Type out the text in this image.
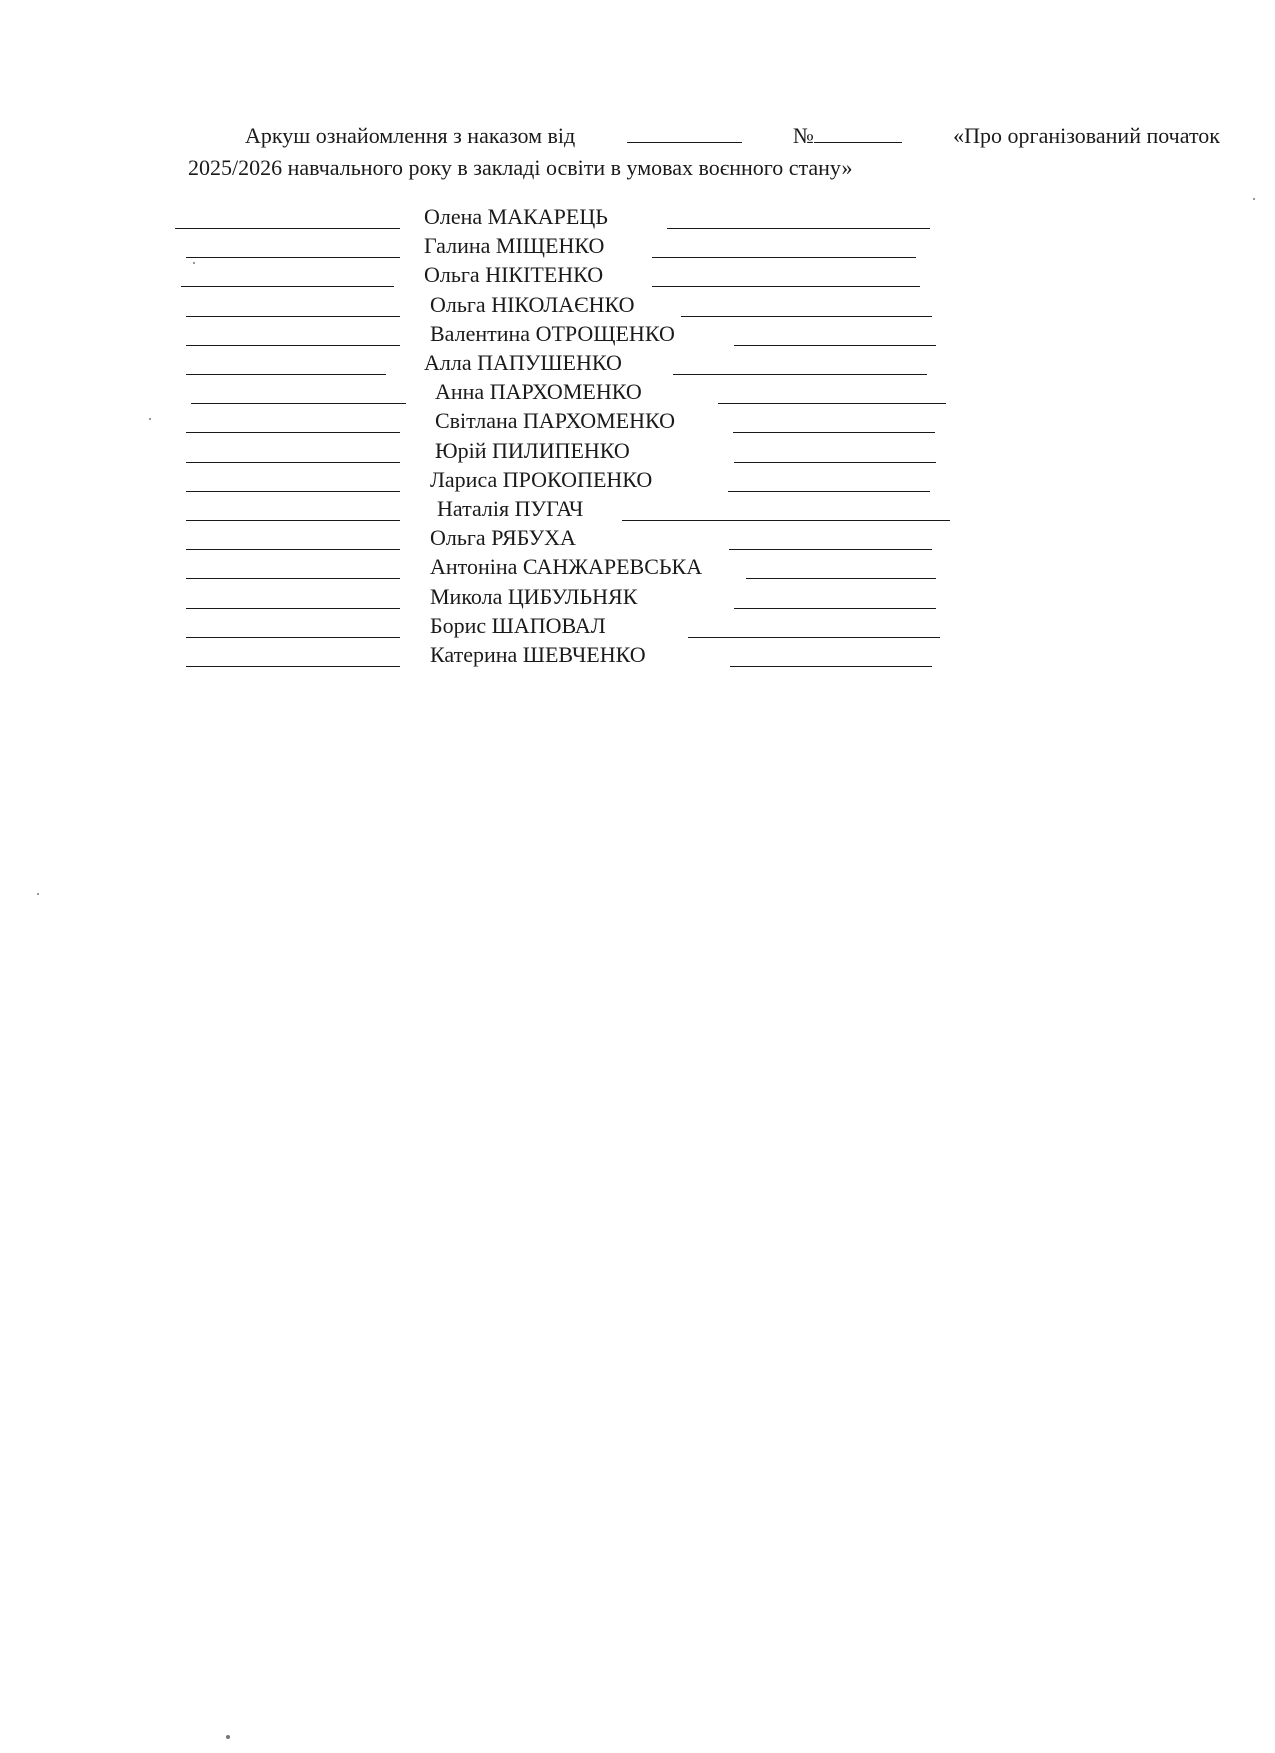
Аркуш ознайомлення з наказом від	№	«Про організований початок
2025/2026 навчального року в закладі освіти в умовах воєнного стану»
Олена МАКАРЕЦЬ
Галина МІЩЕНКО
Ольга НІКІТЕНКО
Ольга НІКОЛАЄНКО
Валентина ОТРОЩЕНКО
Алла ПАПУШЕНКО
Анна ПАРХОМЕНКО
Світлана ПАРХОМЕНКО
Юрій ПИЛИПЕНКО
Лариса ПРОКОПЕНКО
Наталія ПУГАЧ
Ольга РЯБУХА
Антоніна САНЖАРЕВСЬКА
Микола ЦИБУЛЬНЯК
Борис ШАПОВАЛ
Катерина ШЕВЧЕНКО
